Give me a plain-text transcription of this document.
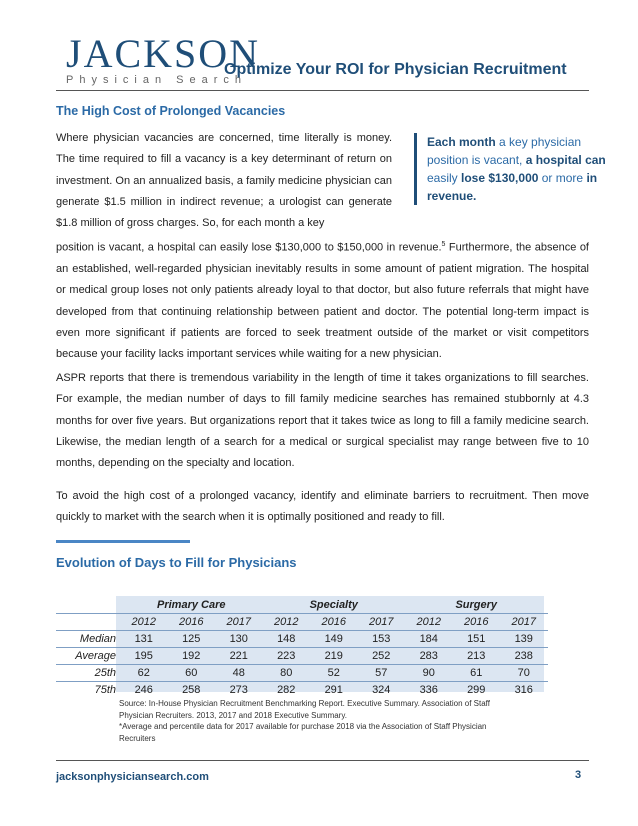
JACKSON
Physician Search
Optimize Your ROI for Physician Recruitment
The High Cost of Prolonged Vacancies
Where physician vacancies are concerned, time literally is money. The time required to fill a vacancy is a key determinant of return on investment. On an annualized basis, a family medicine physician can generate $1.5 million in indirect revenue; a urologist can generate $1.8 million of gross charges. So, for each month a key
Each month a key physician position is vacant, a hospital can easily lose $130,000 or more in revenue.
position is vacant, a hospital can easily lose $130,000 to $150,000 in revenue.$^5$ Furthermore, the absence of an established, well-regarded physician inevitably results in some amount of patient migration. The hospital or medical group loses not only patients already loyal to that doctor, but also future referrals that might have developed from that continuing relationship between patient and doctor. The potential long-term impact is even more significant if patients are forced to seek treatment outside of the market or visit competitors because your facility lacks important services while waiting for a new physician.
ASPR reports that there is tremendous variability in the length of time it takes organizations to fill searches. For example, the median number of days to fill family medicine searches has remained stubbornly at 4.3 months for over five years. But organizations report that it takes twice as long to fill a family medicine search. Likewise, the median length of a search for a medical or surgical specialist may range between five to 10 months, depending on the specialty and location.
To avoid the high cost of a prolonged vacancy, identify and eliminate barriers to recruitment. Then move quickly to market with the search when it is optimally positioned and ready to fill.
Evolution of Days to Fill for Physicians
	Primary Care			Specialty			Surgery		
	2012	2016	2017	2012	2016	2017	2012	2016	2017
Median	131	125	130	148	149	153	184	151	139
Average	195	192	221	223	219	252	283	213	238
25th	62	60	48	80	52	57	90	61	70
75th	246	258	273	282	291	324	336	299	316
Source: In-House Physician Recruitment Benchmarking Report. Executive Summary. Association of Staff Physician Recruiters. 2013, 2017 and 2018 Executive Summary.
*Average and percentile data for 2017 available for purchase 2018 via the Association of Staff Physician Recruiters
jacksonphysiciansearch.com	3
